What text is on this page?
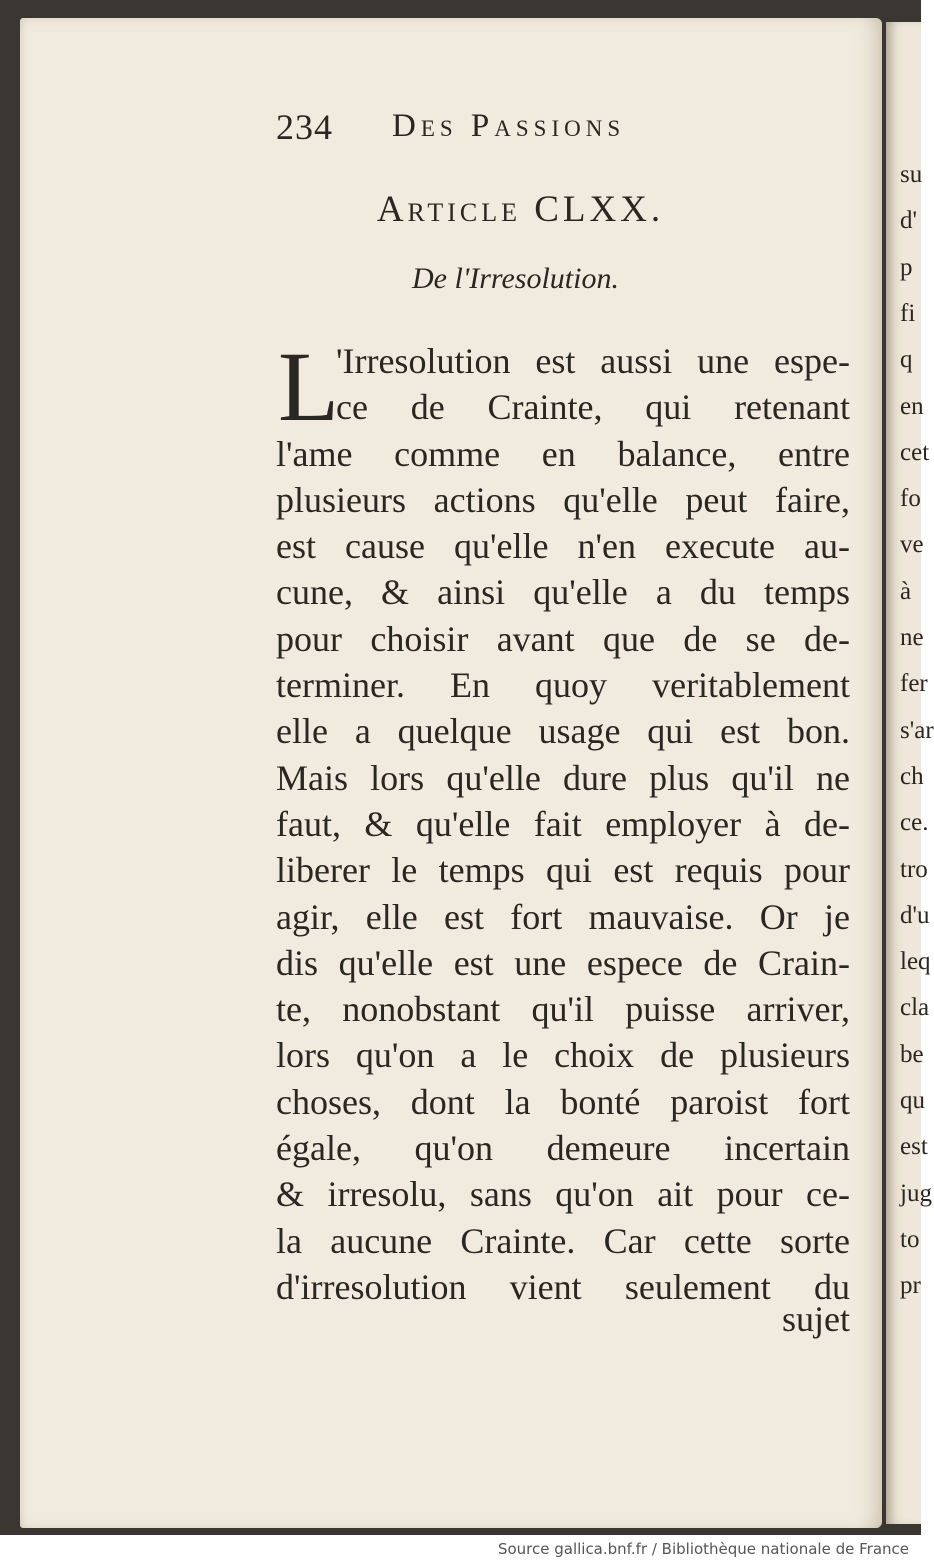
su
d'
p
fi
q
en
cet
fo
ve
à
ne
fer
s'ar
ch
ce.
tro
d'u
leq
cla
be
qu
est
jug
to
pr
234 Des Passions
Article CLXX.
De l'Irresolution.
L
'Irresolution est aussi une espe-
ce de Crainte, qui retenant
l'ame comme en balance, entre
plusieurs actions qu'elle peut faire,
est cause qu'elle n'en execute au-
cune, & ainsi qu'elle a du temps
pour choisir avant que de se de-
terminer. En quoy veritablement
elle a quelque usage qui est bon.
Mais lors qu'elle dure plus qu'il ne
faut, & qu'elle fait employer à de-
liberer le temps qui est requis pour
agir, elle est fort mauvaise. Or je
dis qu'elle est une espece de Crain-
te, nonobstant qu'il puisse arriver,
lors qu'on a le choix de plusieurs
choses, dont la bonté paroist fort
égale, qu'on demeure incertain
& irresolu, sans qu'on ait pour ce-
la aucune Crainte. Car cette sorte
d'irresolution vient seulement du
sujet
Source gallica.bnf.fr / Bibliothèque nationale de France
